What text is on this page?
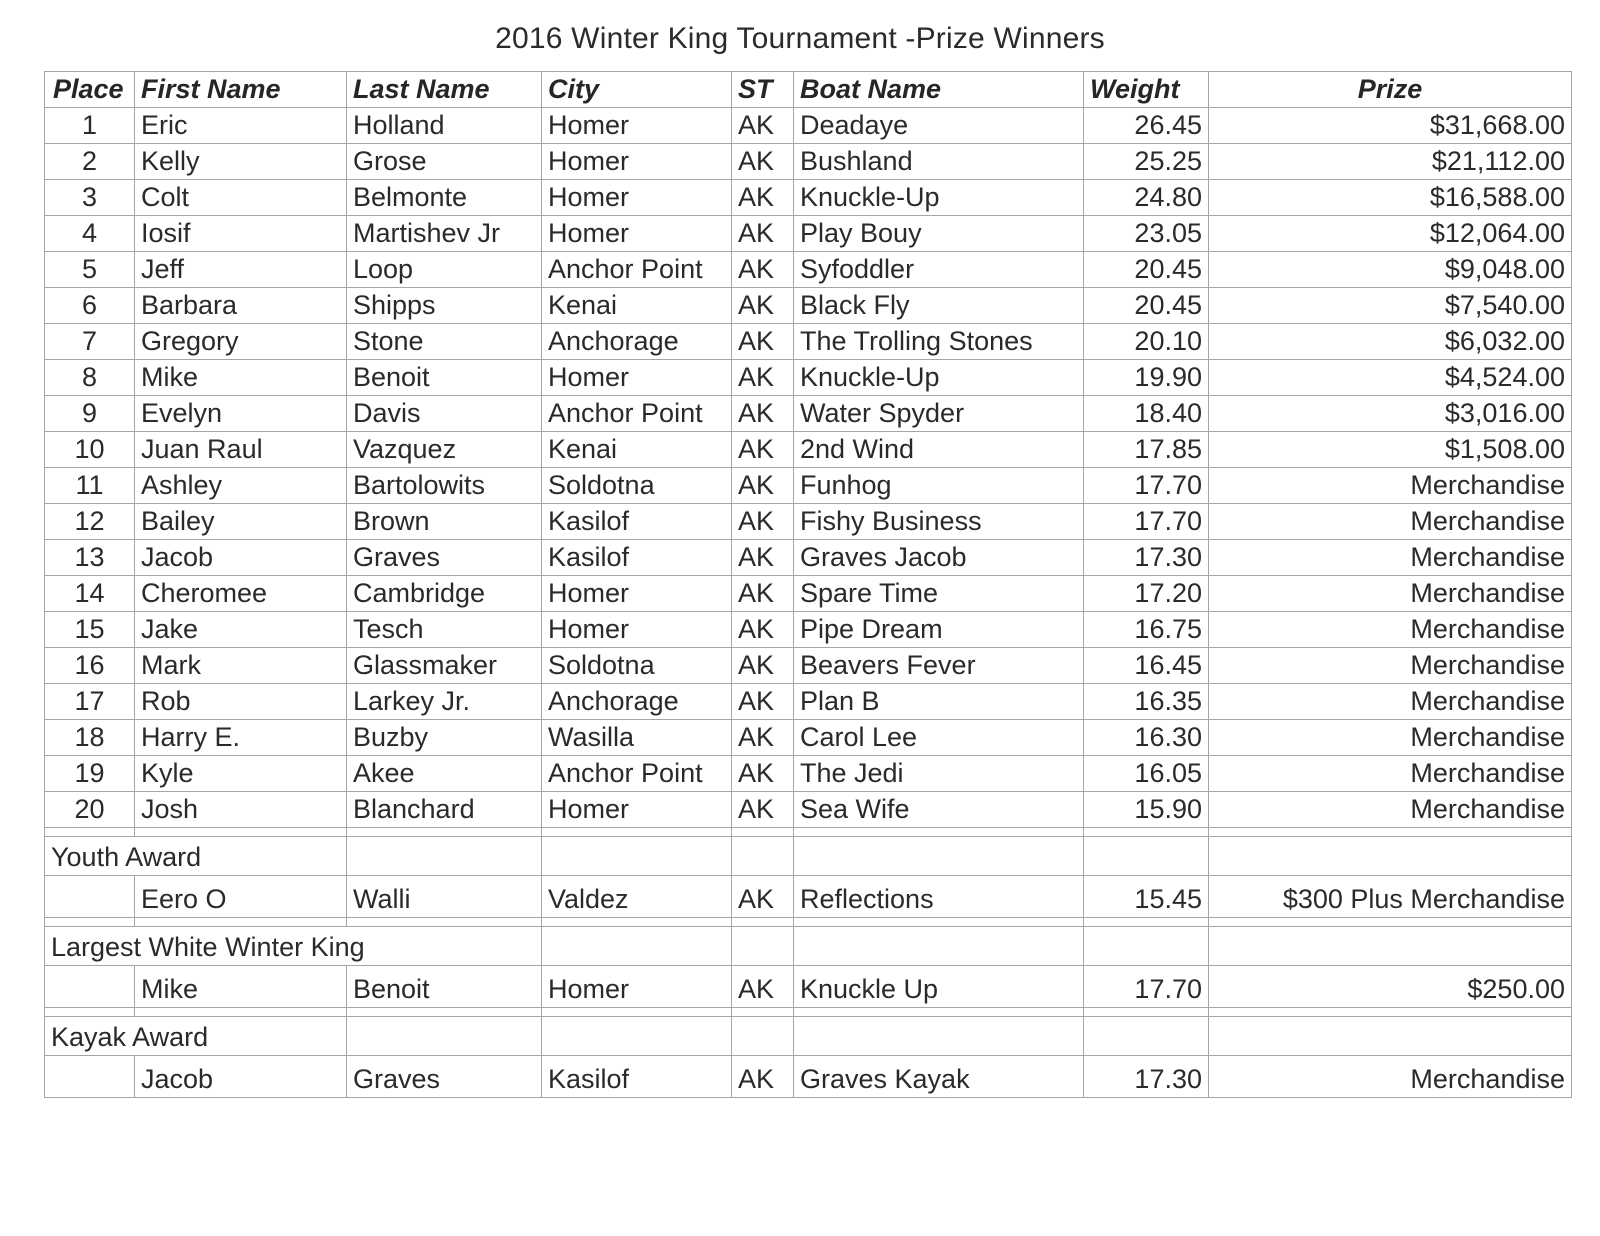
2016 Winter King Tournament -Prize Winners
Place	First Name	Last Name	City	ST	Boat Name	Weight	Prize
1	Eric	Holland	Homer	AK	Deadaye	26.45	$31,668.00
2	Kelly	Grose	Homer	AK	Bushland	25.25	$21,112.00
3	Colt	Belmonte	Homer	AK	Knuckle-Up	24.80	$16,588.00
4	Iosif	Martishev Jr	Homer	AK	Play Bouy	23.05	$12,064.00
5	Jeff	Loop	Anchor Point	AK	Syfoddler	20.45	$9,048.00
6	Barbara	Shipps	Kenai	AK	Black Fly	20.45	$7,540.00
7	Gregory	Stone	Anchorage	AK	The Trolling Stones	20.10	$6,032.00
8	Mike	Benoit	Homer	AK	Knuckle-Up	19.90	$4,524.00
9	Evelyn	Davis	Anchor Point	AK	Water Spyder	18.40	$3,016.00
10	Juan Raul	Vazquez	Kenai	AK	2nd Wind	17.85	$1,508.00
11	Ashley	Bartolowits	Soldotna	AK	Funhog	17.70	Merchandise
12	Bailey	Brown	Kasilof	AK	Fishy Business	17.70	Merchandise
13	Jacob	Graves	Kasilof	AK	Graves Jacob	17.30	Merchandise
14	Cheromee	Cambridge	Homer	AK	Spare Time	17.20	Merchandise
15	Jake	Tesch	Homer	AK	Pipe Dream	16.75	Merchandise
16	Mark	Glassmaker	Soldotna	AK	Beavers Fever	16.45	Merchandise
17	Rob	Larkey Jr.	Anchorage	AK	Plan B	16.35	Merchandise
18	Harry E.	Buzby	Wasilla	AK	Carol Lee	16.30	Merchandise
19	Kyle	Akee	Anchor Point	AK	The Jedi	16.05	Merchandise
20	Josh	Blanchard	Homer	AK	Sea Wife	15.90	Merchandise

Youth Award							
	Eero O	Walli	Valdez	AK	Reflections	15.45	$300 Plus Merchandise

Largest White Winter King							
	Mike	Benoit	Homer	AK	Knuckle Up	17.70	$250.00

Kayak Award							
	Jacob	Graves	Kasilof	AK	Graves Kayak	17.30	Merchandise
